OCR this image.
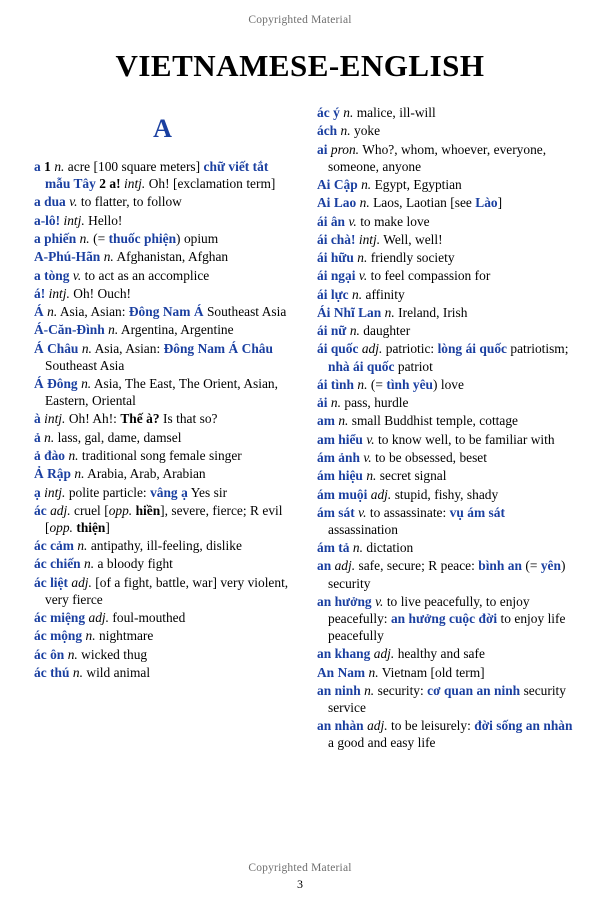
Copyrighted Material
VIETNAMESE-ENGLISH
A
a 1 n. acre [100 square meters] chữ viết tắt mẫu Tây 2 a! intj. Oh! [exclamation term]
a dua v. to flatter, to follow
a-lô! intj. Hello!
a phiến n. (= thuốc phiện) opium
A-Phú-Hãn n. Afghanistan, Afghan
a tòng v. to act as an accomplice
á! intj. Oh! Ouch!
Á n. Asia, Asian: Đông Nam Á Southeast Asia
Á-Căn-Đình n. Argentina, Argentine
Á Châu n. Asia, Asian: Đông Nam Á Châu Southeast Asia
Á Đông n. Asia, The East, The Orient, Asian, Eastern, Oriental
à intj. Oh! Ah!: Thế à? Is that so?
ả n. lass, gal, dame, damsel
ả đào n. traditional song female singer
Ả Rập n. Arabia, Arab, Arabian
ạ intj. polite particle: vâng ạ Yes sir
ác adj. cruel [opp. hiền], severe, fierce; R evil [opp. thiện]
ác cảm n. antipathy, ill-feeling, dislike
ác chiến n. a bloody fight
ác liệt adj. [of a fight, battle, war] very violent, very fierce
ác miệng adj. foul-mouthed
ác mộng n. nightmare
ác ôn n. wicked thug
ác thú n. wild animal
ác ý n. malice, ill-will
ách n. yoke
ai pron. Who?, whom, whoever, everyone, someone, anyone
Ai Cập n. Egypt, Egyptian
Ai Lao n. Laos, Laotian [see Lào]
ái ân v. to make love
ái chà! intj. Well, well!
ái hữu n. friendly society
ái ngại v. to feel compassion for
ái lực n. affinity
Ái Nhĩ Lan n. Ireland, Irish
ái nữ n. daughter
ái quốc adj. patriotic: lòng ái quốc patriotism; nhà ái quốc patriot
ái tình n. (= tình yêu) love
ải n. pass, hurdle
am n. small Buddhist temple, cottage
am hiểu v. to know well, to be familiar with
ám ảnh v. to be obsessed, beset
ám hiệu n. secret signal
ám muội adj. stupid, fishy, shady
ám sát v. to assassinate: vụ ám sát assassination
ám tả n. dictation
an adj. safe, secure; R peace: bình an (= yên) security
an hưởng v. to live peacefully, to enjoy peacefully: an hưởng cuộc đời to enjoy life peacefully
an khang adj. healthy and safe
An Nam n. Vietnam [old term]
an ninh n. security: cơ quan an ninh security service
an nhàn adj. to be leisurely: đời sống an nhàn a good and easy life
Copyrighted Material
3
